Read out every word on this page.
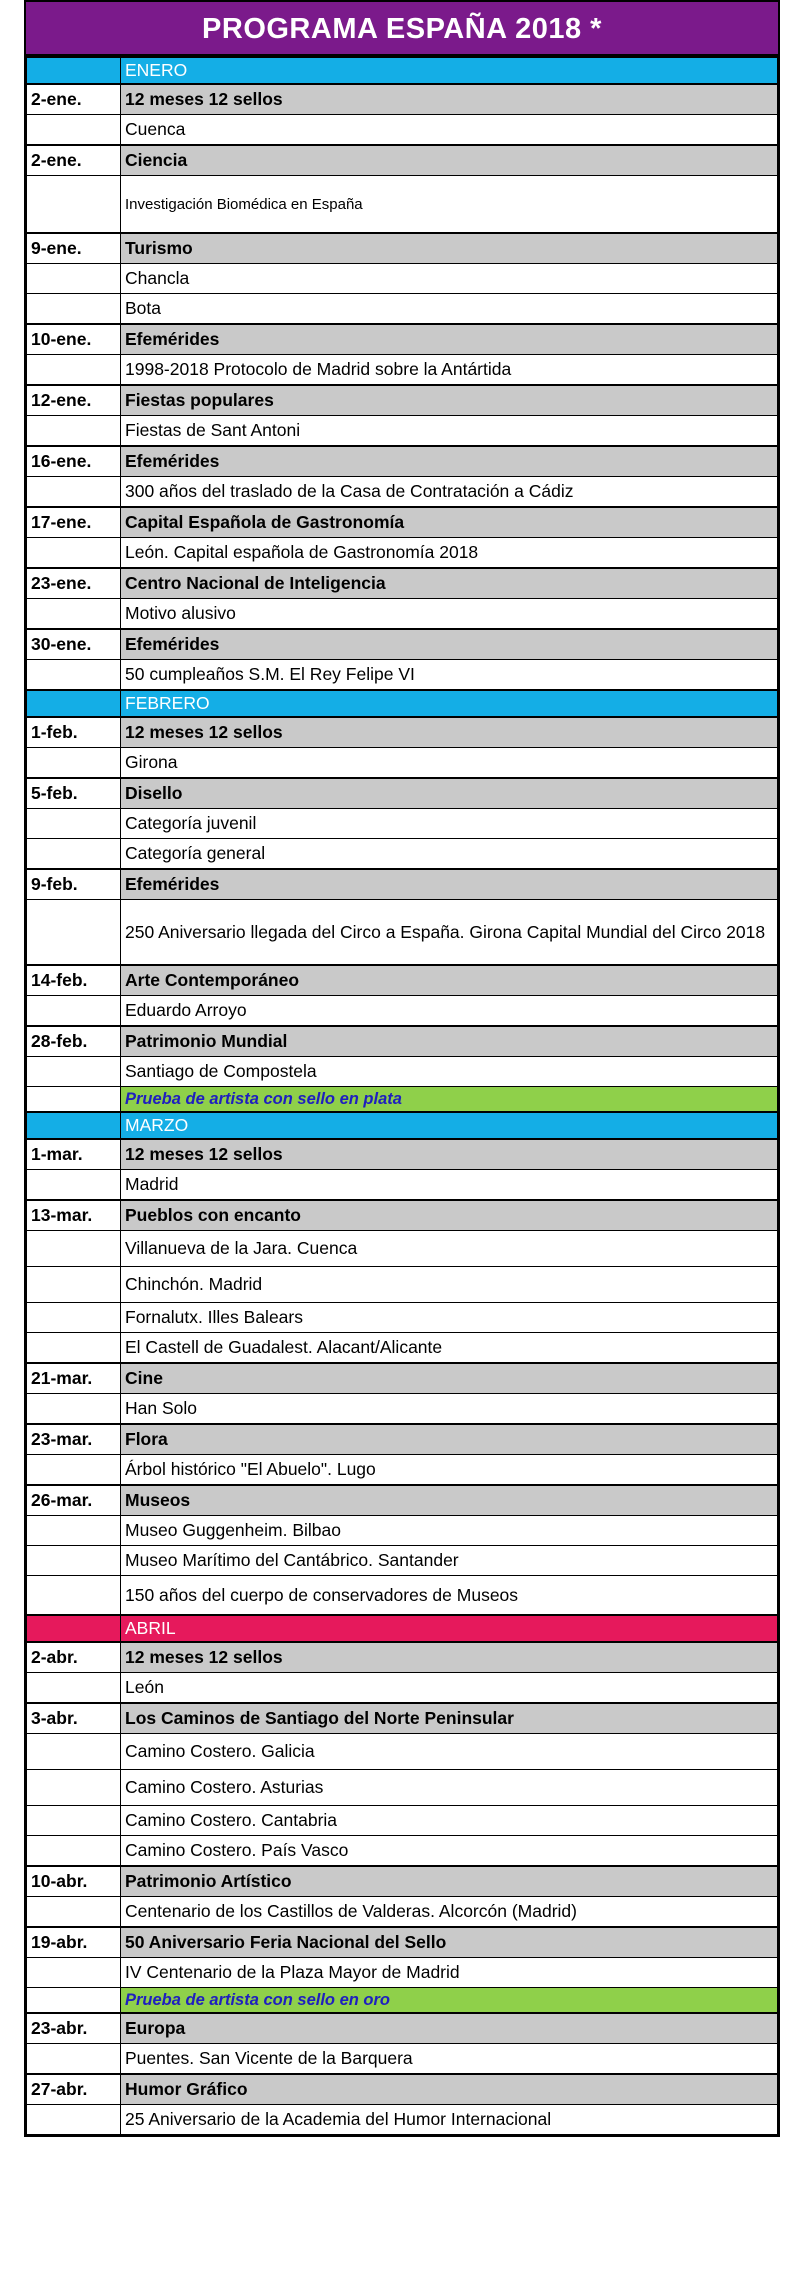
PROGRAMA ESPAÑA 2018 *
	ENERO
2-ene.	12 meses 12 sellos
	Cuenca
2-ene.	Ciencia
	Investigación Biomédica en España
9-ene.	Turismo
	Chancla
	Bota
10-ene.	Efemérides
	1998-2018 Protocolo de Madrid sobre la Antártida
12-ene.	Fiestas populares
	Fiestas de Sant Antoni
16-ene.	Efemérides
	300 años del traslado de la Casa de Contratación a Cádiz
17-ene.	Capital Española de Gastronomía
	León. Capital española de Gastronomía 2018
23-ene.	Centro Nacional de Inteligencia
	Motivo alusivo
30-ene.	Efemérides
	50 cumpleaños S.M. El Rey Felipe VI
	FEBRERO
1-feb.	12 meses 12 sellos
	Girona
5-feb.	Disello
	Categoría juvenil
	Categoría general
9-feb.	Efemérides
	250 Aniversario llegada del Circo a España. Girona Capital Mundial del Circo 2018
14-feb.	Arte Contemporáneo
	Eduardo Arroyo
28-feb.	Patrimonio Mundial
	Santiago de Compostela
	Prueba de artista con sello en plata
	MARZO
1-mar.	12 meses 12 sellos
	Madrid
13-mar.	Pueblos con encanto
	Villanueva de la Jara. Cuenca
	Chinchón. Madrid
	Fornalutx. Illes Balears
	El Castell de Guadalest. Alacant/Alicante
21-mar.	Cine
	Han Solo
23-mar.	Flora
	Árbol histórico "El Abuelo". Lugo
26-mar.	Museos
	Museo Guggenheim. Bilbao
	Museo Marítimo del Cantábrico. Santander
	150 años del cuerpo de conservadores de Museos
	ABRIL
2-abr.	12 meses 12 sellos
	León
3-abr.	Los Caminos de Santiago del Norte Peninsular
	Camino Costero. Galicia
	Camino Costero. Asturias
	Camino Costero. Cantabria
	Camino Costero. País Vasco
10-abr.	Patrimonio Artístico
	Centenario de los Castillos de Valderas. Alcorcón (Madrid)
19-abr.	50 Aniversario Feria Nacional del Sello
	IV Centenario de la Plaza Mayor de Madrid
	Prueba de artista con sello en oro
23-abr.	Europa
	Puentes. San Vicente de la Barquera
27-abr.	Humor Gráfico
	25 Aniversario de la Academia del Humor Internacional
